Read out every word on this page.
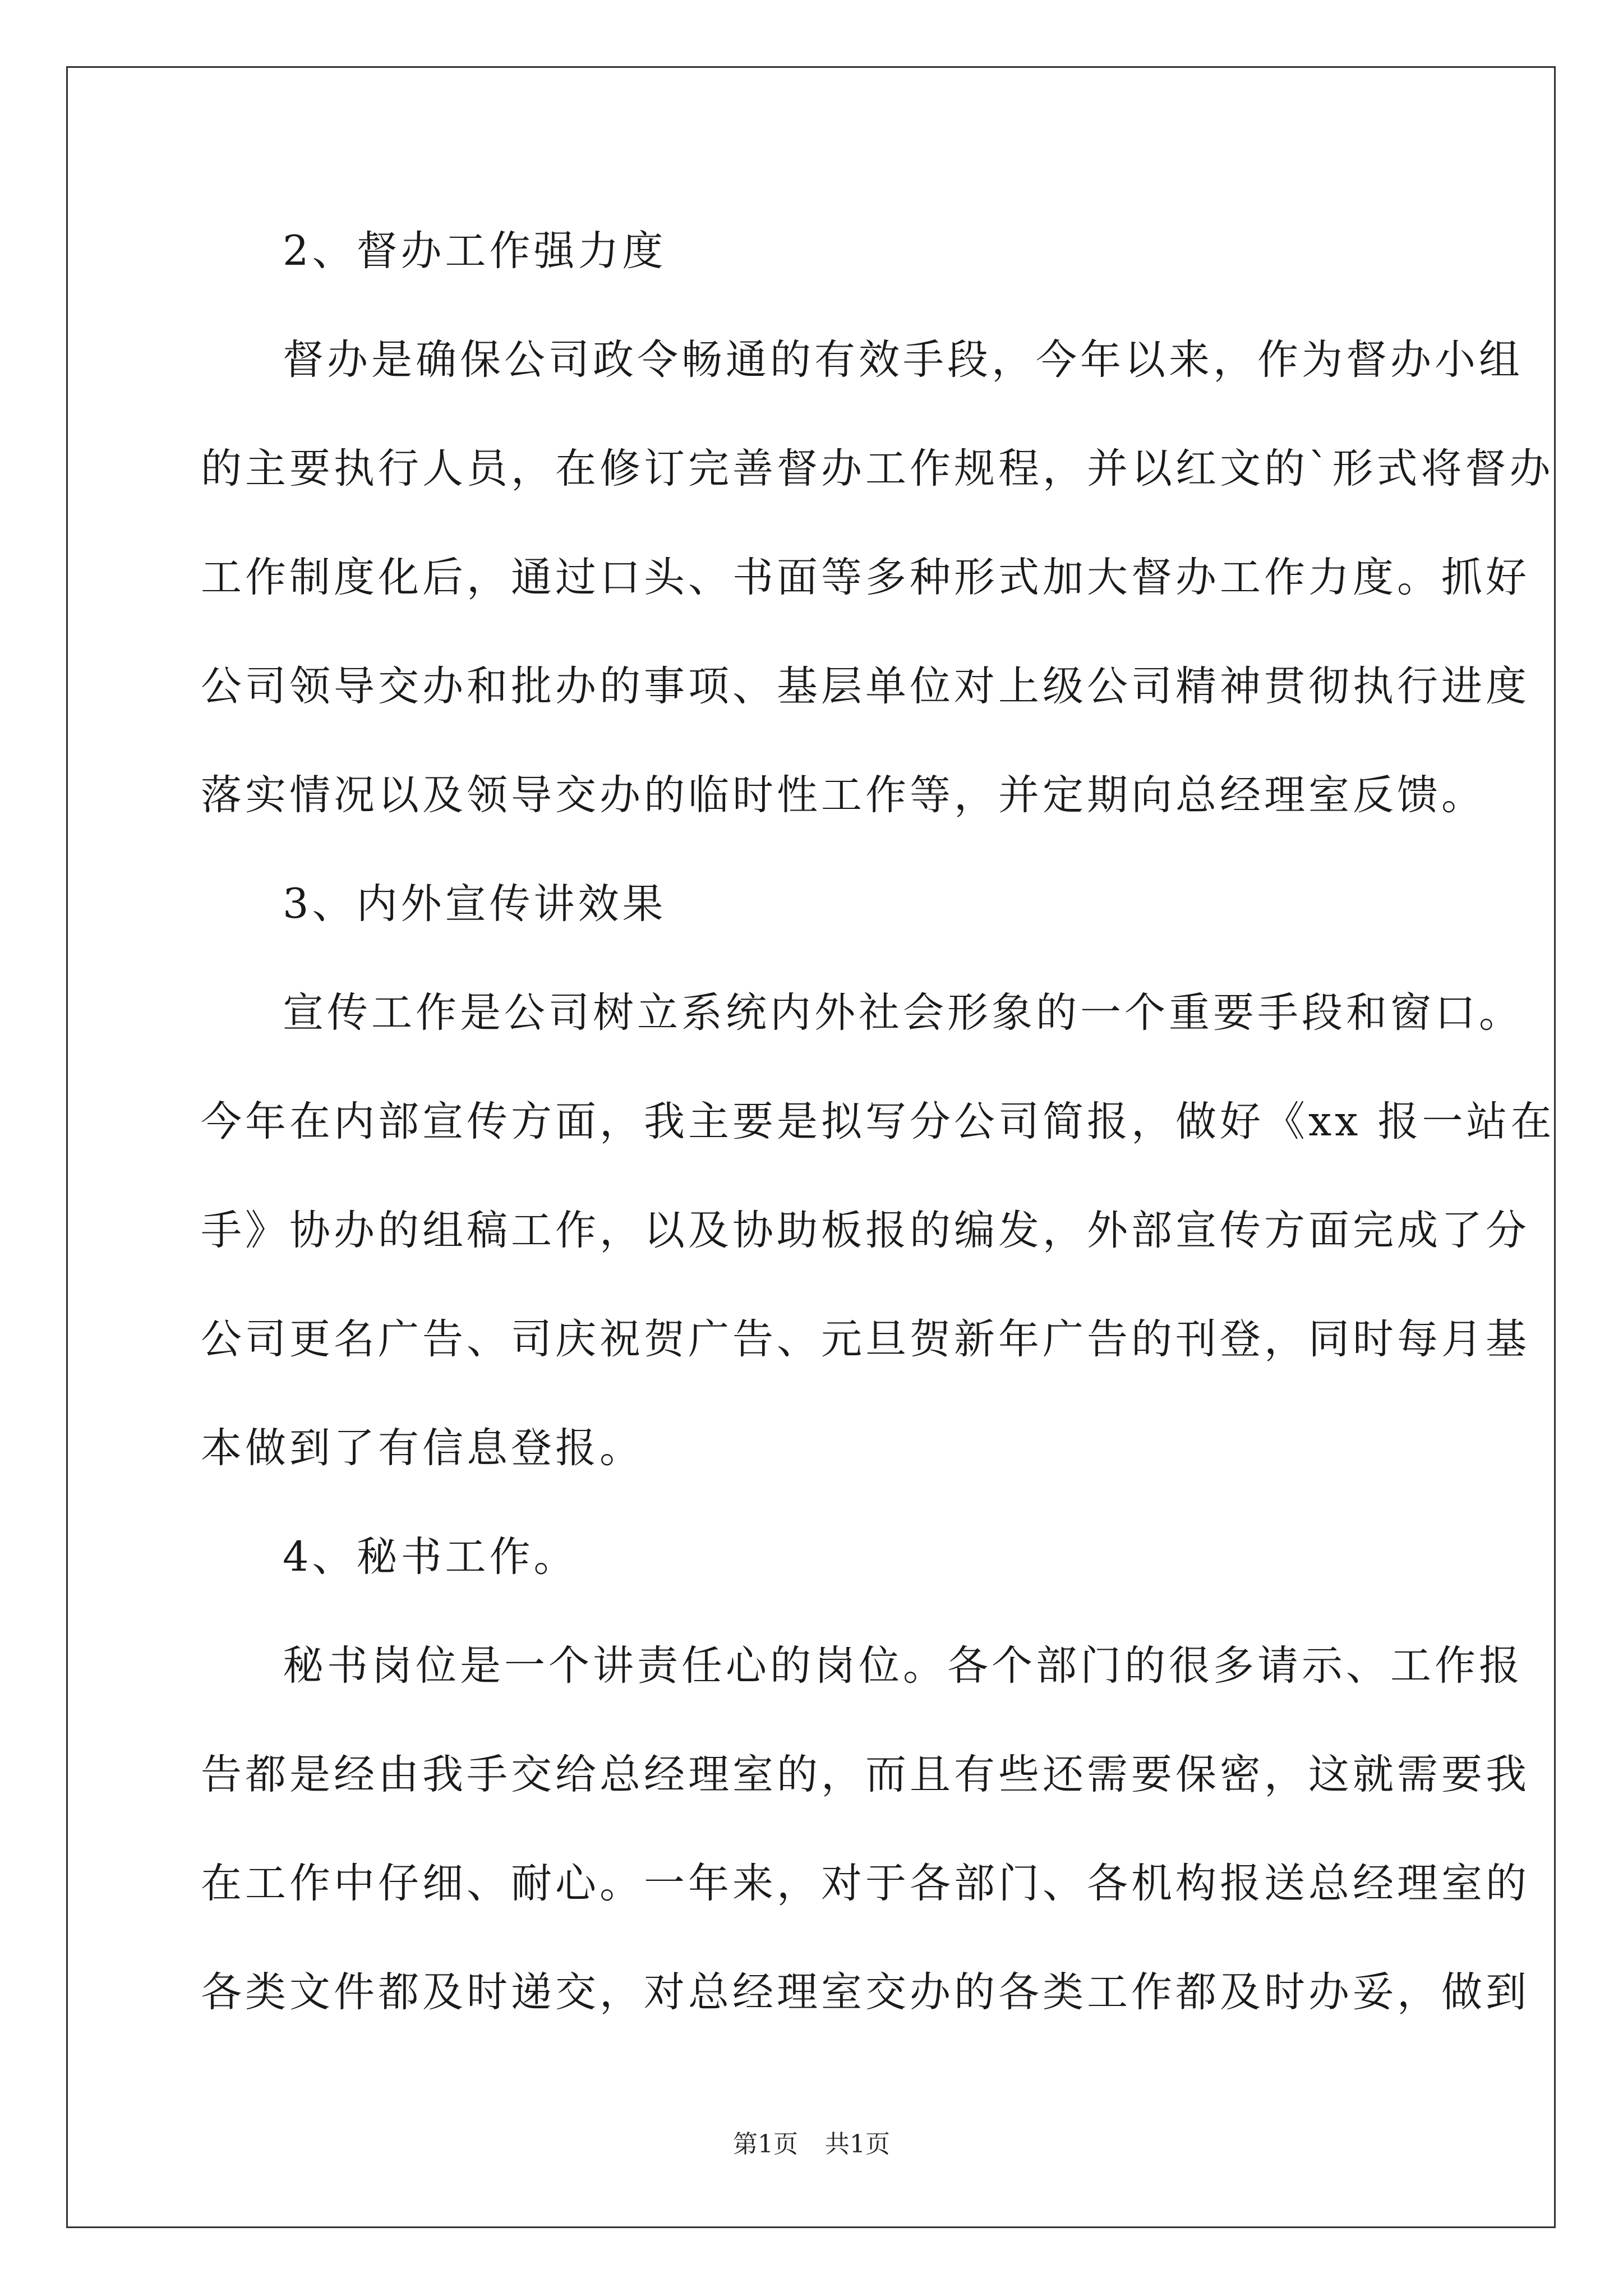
2、督办工作强力度
督办是确保公司政令畅通的有效手段，今年以来，作为督办小组
的主要执行人员，在修订完善督办工作规程，并以红文的`形式将督办
工作制度化后，通过口头、书面等多种形式加大督办工作力度。抓好
公司领导交办和批办的事项、基层单位对上级公司精神贯彻执行进度
落实情况以及领导交办的临时性工作等，并定期向总经理室反馈。
3、内外宣传讲效果
宣传工作是公司树立系统内外社会形象的一个重要手段和窗口。
今年在内部宣传方面，我主要是拟写分公司简报，做好《xx 报一站在
手》协办的组稿工作，以及协助板报的编发，外部宣传方面完成了分
公司更名广告、司庆祝贺广告、元旦贺新年广告的刊登，同时每月基
本做到了有信息登报。
4、秘书工作。
秘书岗位是一个讲责任心的岗位。各个部门的很多请示、工作报
告都是经由我手交给总经理室的，而且有些还需要保密，这就需要我
在工作中仔细、耐心。一年来，对于各部门、各机构报送总经理室的
各类文件都及时递交，对总经理室交办的各类工作都及时办妥，做到
第1页 共1页
